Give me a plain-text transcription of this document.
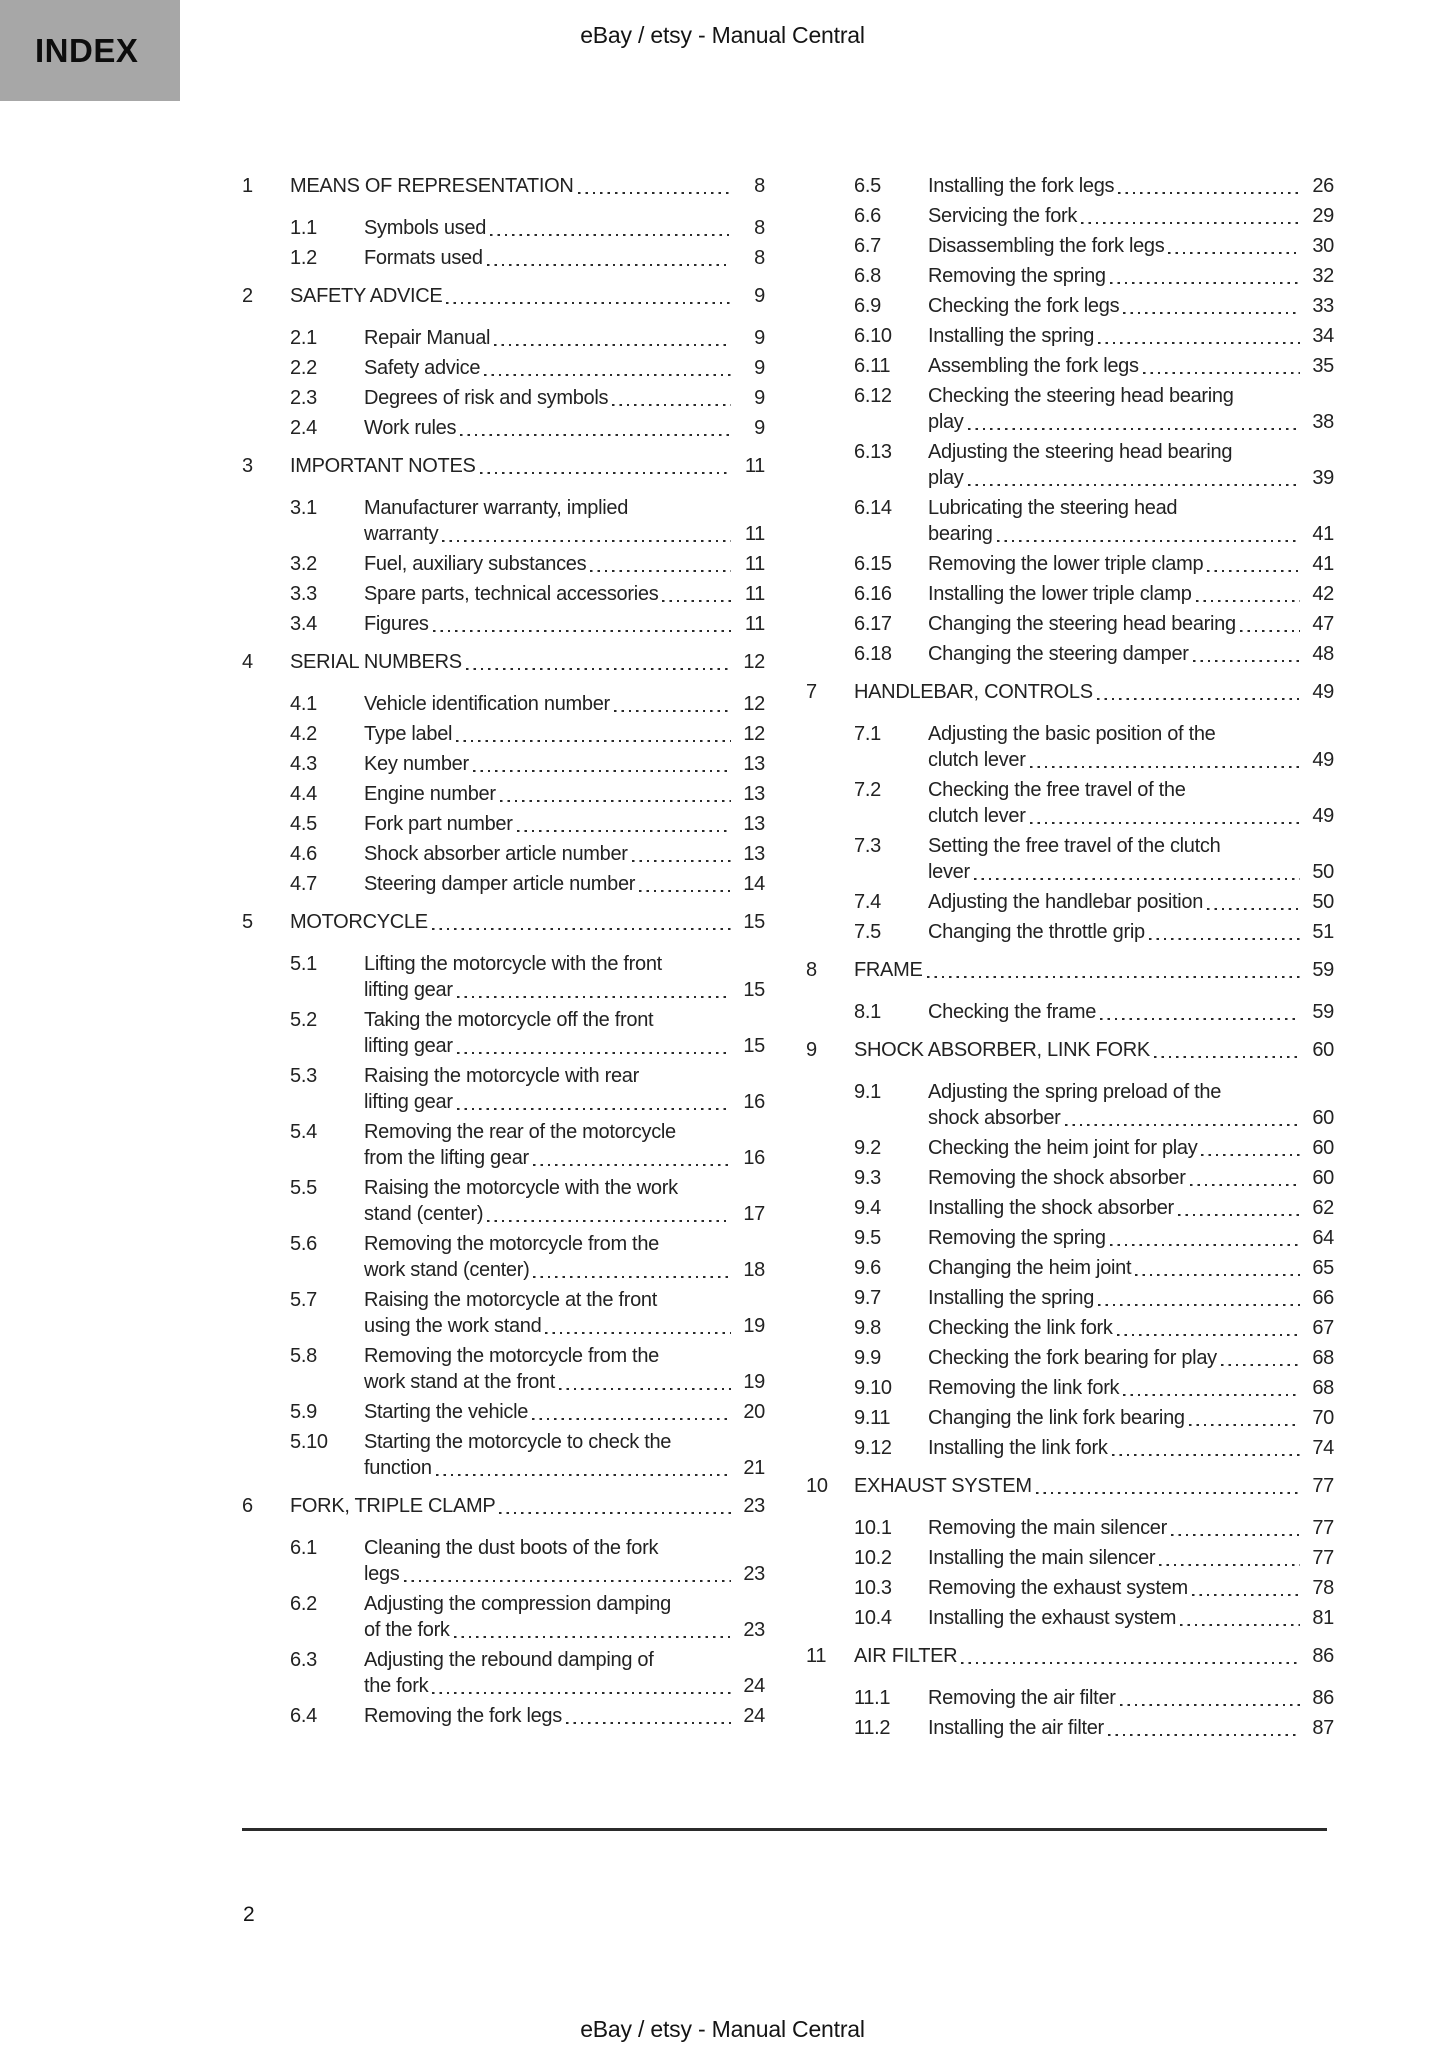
INDEX	eBay / etsy - Manual Central
1	MEANS OF REPRESENTATION	8
1.1	Symbols used	8
1.2	Formats used	8
2	SAFETY ADVICE	9
2.1	Repair Manual	9
2.2	Safety advice	9
2.3	Degrees of risk and symbols	9
2.4	Work rules	9
3	IMPORTANT NOTES	11
3.1	Manufacturer warranty, implied
warranty	11
3.2	Fuel, auxiliary substances	11
3.3	Spare parts, technical accessories	11
3.4	Figures	11
4	SERIAL NUMBERS	12
4.1	Vehicle identification number	12
4.2	Type label	12
4.3	Key number	13
4.4	Engine number	13
4.5	Fork part number	13
4.6	Shock absorber article number	13
4.7	Steering damper article number	14
5	MOTORCYCLE	15
5.1	Lifting the motorcycle with the front
lifting gear	15
5.2	Taking the motorcycle off the front
lifting gear	15
5.3	Raising the motorcycle with rear
lifting gear	16
5.4	Removing the rear of the motorcycle
from the lifting gear	16
5.5	Raising the motorcycle with the work
stand (center)	17
5.6	Removing the motorcycle from the
work stand (center)	18
5.7	Raising the motorcycle at the front
using the work stand	19
5.8	Removing the motorcycle from the
work stand at the front	19
5.9	Starting the vehicle	20
5.10	Starting the motorcycle to check the
function	21
6	FORK, TRIPLE CLAMP	23
6.1	Cleaning the dust boots of the fork
legs	23
6.2	Adjusting the compression damping
of the fork	23
6.3	Adjusting the rebound damping of
the fork	24
6.4	Removing the fork legs	24
6.5	Installing the fork legs	26
6.6	Servicing the fork	29
6.7	Disassembling the fork legs	30
6.8	Removing the spring	32
6.9	Checking the fork legs	33
6.10	Installing the spring	34
6.11	Assembling the fork legs	35
6.12	Checking the steering head bearing
play	38
6.13	Adjusting the steering head bearing
play	39
6.14	Lubricating the steering head
bearing	41
6.15	Removing the lower triple clamp	41
6.16	Installing the lower triple clamp	42
6.17	Changing the steering head bearing	47
6.18	Changing the steering damper	48
7	HANDLEBAR, CONTROLS	49
7.1	Adjusting the basic position of the
clutch lever	49
7.2	Checking the free travel of the
clutch lever	49
7.3	Setting the free travel of the clutch
lever	50
7.4	Adjusting the handlebar position	50
7.5	Changing the throttle grip	51
8	FRAME	59
8.1	Checking the frame	59
9	SHOCK ABSORBER, LINK FORK	60
9.1	Adjusting the spring preload of the
shock absorber	60
9.2	Checking the heim joint for play	60
9.3	Removing the shock absorber	60
9.4	Installing the shock absorber	62
9.5	Removing the spring	64
9.6	Changing the heim joint	65
9.7	Installing the spring	66
9.8	Checking the link fork	67
9.9	Checking the fork bearing for play	68
9.10	Removing the link fork	68
9.11	Changing the link fork bearing	70
9.12	Installing the link fork	74
10	EXHAUST SYSTEM	77
10.1	Removing the main silencer	77
10.2	Installing the main silencer	77
10.3	Removing the exhaust system	78
10.4	Installing the exhaust system	81
11	AIR FILTER	86
11.1	Removing the air filter	86
11.2	Installing the air filter	87
2
eBay / etsy - Manual Central
